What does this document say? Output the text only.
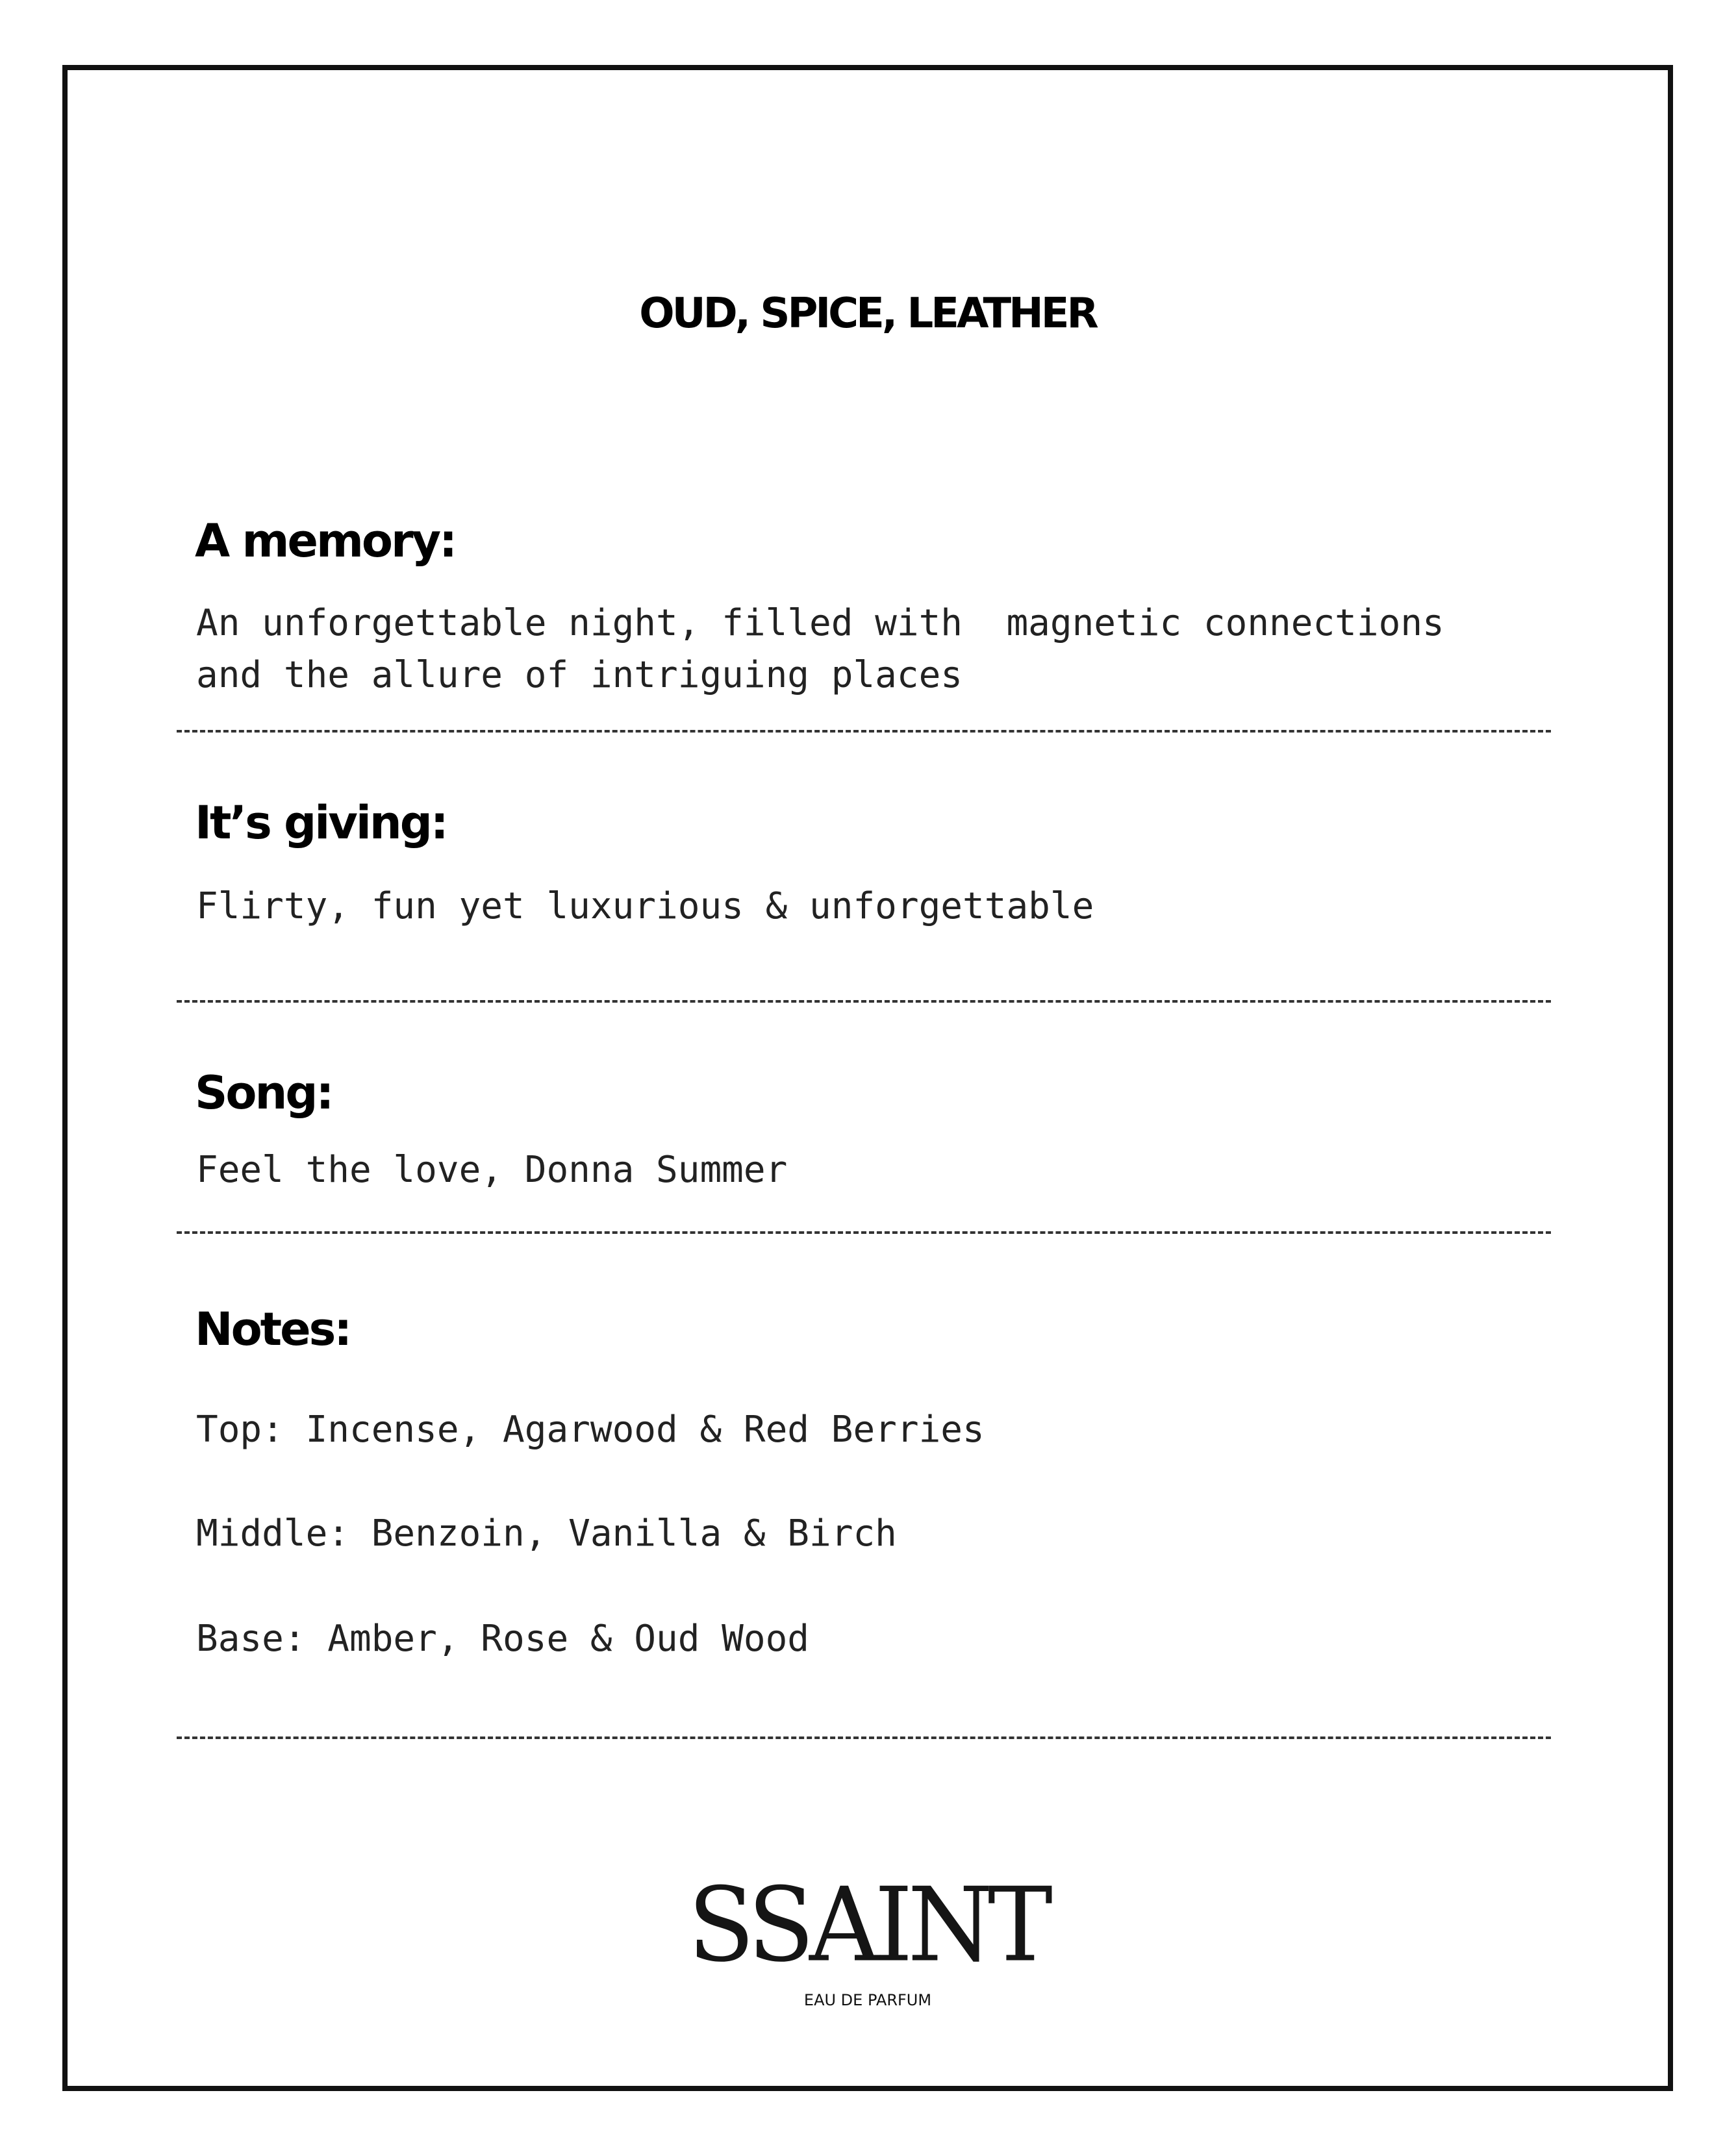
OUD, SPICE, LEATHER
A memory:

An unforgettable night, filled with  magnetic connections and the allure of intriguing places

It’s giving:

Flirty, fun yet luxurious & unforgettable

Song:

Feel the love, Donna Summer

Notes:

Top: Incense, Agarwood & Red Berries

Middle: Benzoin, Vanilla & Birch

Base: Amber, Rose & Oud Wood

SSAINT
EAU DE PARFUM
